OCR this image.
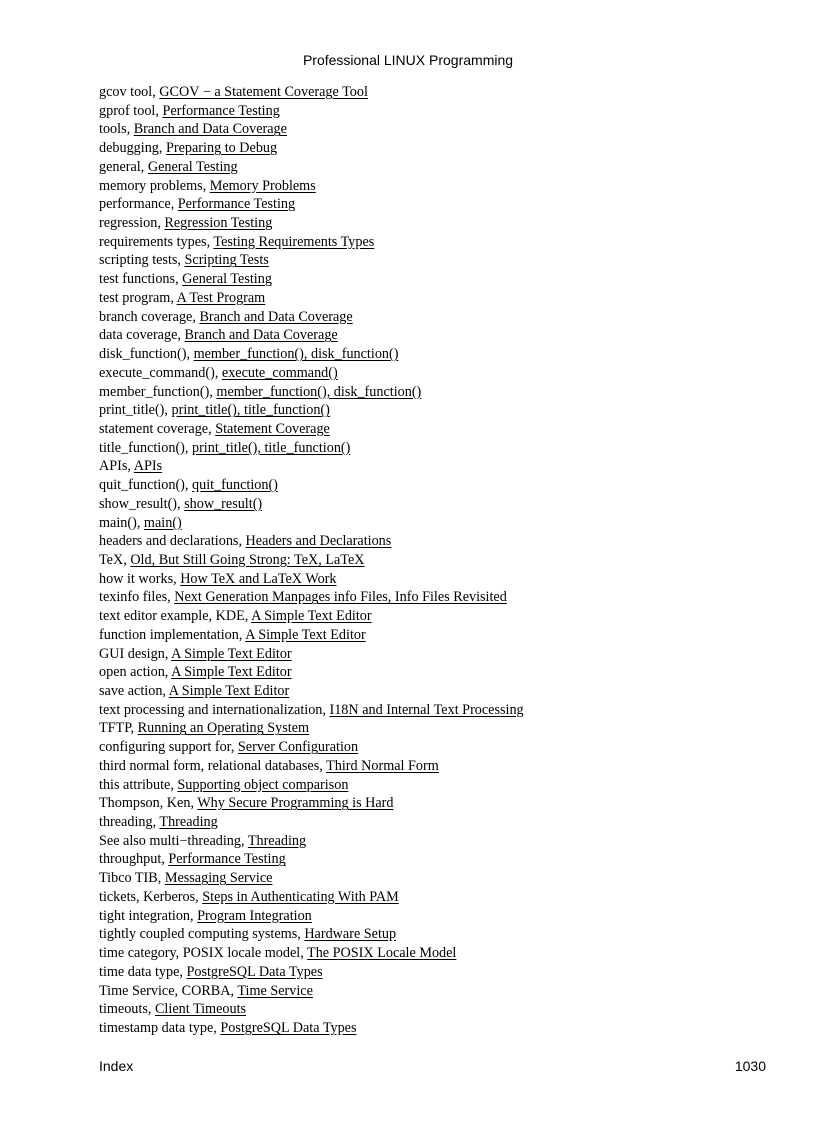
Professional LINUX Programming
gcov tool, GCOV − a Statement Coverage Tool
gprof tool, Performance Testing
tools, Branch and Data Coverage
debugging, Preparing to Debug
general, General Testing
memory problems, Memory Problems
performance, Performance Testing
regression, Regression Testing
requirements types, Testing Requirements Types
scripting tests, Scripting Tests
test functions, General Testing
test program, A Test Program
branch coverage, Branch and Data Coverage
data coverage, Branch and Data Coverage
disk_function(), member_function(), disk_function()
execute_command(), execute_command()
member_function(), member_function(), disk_function()
print_title(), print_title(), title_function()
statement coverage, Statement Coverage
title_function(), print_title(), title_function()
APIs, APIs
quit_function(), quit_function()
show_result(), show_result()
main(), main()
headers and declarations, Headers and Declarations
TeX, Old, But Still Going Strong: TeX, LaTeX
how it works, How TeX and LaTeX Work
texinfo files, Next Generation Manpages info Files, Info Files Revisited
text editor example, KDE, A Simple Text Editor
function implementation, A Simple Text Editor
GUI design, A Simple Text Editor
open action, A Simple Text Editor
save action, A Simple Text Editor
text processing and internationalization, I18N and Internal Text Processing
TFTP, Running an Operating System
configuring support for, Server Configuration
third normal form, relational databases, Third Normal Form
this attribute, Supporting object comparison
Thompson, Ken, Why Secure Programming is Hard
threading, Threading
See also multi−threading, Threading
throughput, Performance Testing
Tibco TIB, Messaging Service
tickets, Kerberos, Steps in Authenticating With PAM
tight integration, Program Integration
tightly coupled computing systems, Hardware Setup
time category, POSIX locale model, The POSIX Locale Model
time data type, PostgreSQL Data Types
Time Service, CORBA, Time Service
timeouts, Client Timeouts
timestamp data type, PostgreSQL Data Types
Index	1030
